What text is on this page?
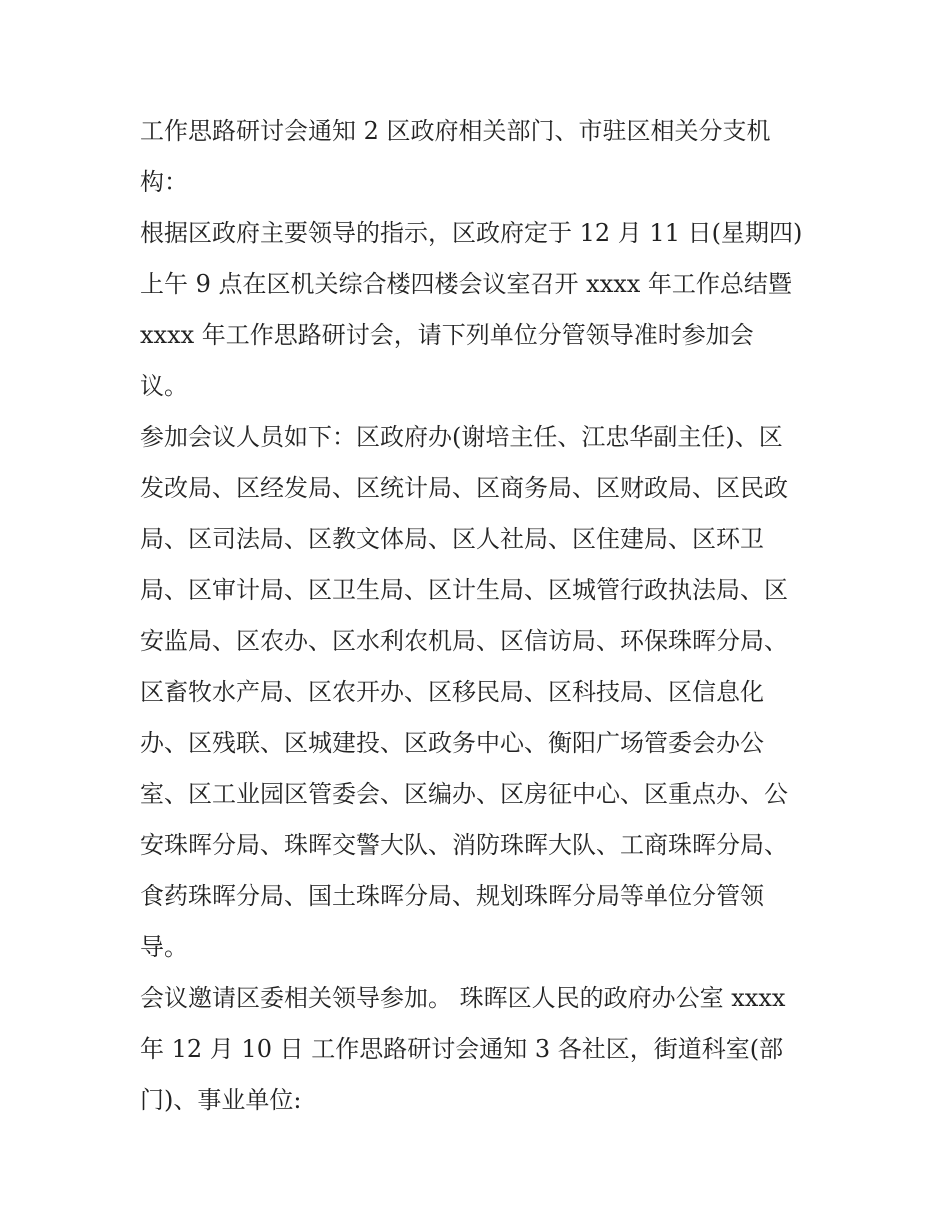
工作思路研讨会通知 2 区政府相关部门、市驻区相关分支机
构：
根据区政府主要领导的指示，区政府定于 12 月 11 日(星期四)
上午 9 点在区机关综合楼四楼会议室召开 xxxx 年工作总结暨
xxxx 年工作思路研讨会，请下列单位分管领导准时参加会
议。
参加会议人员如下：区政府办(谢培主任、江忠华副主任)、区
发改局、区经发局、区统计局、区商务局、区财政局、区民政
局、区司法局、区教文体局、区人社局、区住建局、区环卫
局、区审计局、区卫生局、区计生局、区城管行政执法局、区
安监局、区农办、区水利农机局、区信访局、环保珠晖分局、
区畜牧水产局、区农开办、区移民局、区科技局、区信息化
办、区残联、区城建投、区政务中心、衡阳广场管委会办公
室、区工业园区管委会、区编办、区房征中心、区重点办、公
安珠晖分局、珠晖交警大队、消防珠晖大队、工商珠晖分局、
食药珠晖分局、国土珠晖分局、规划珠晖分局等单位分管领
导。
会议邀请区委相关领导参加。 珠晖区人民的政府办公室 xxxx
年 12 月 10 日 工作思路研讨会通知 3 各社区，街道科室(部
门)、事业单位:
